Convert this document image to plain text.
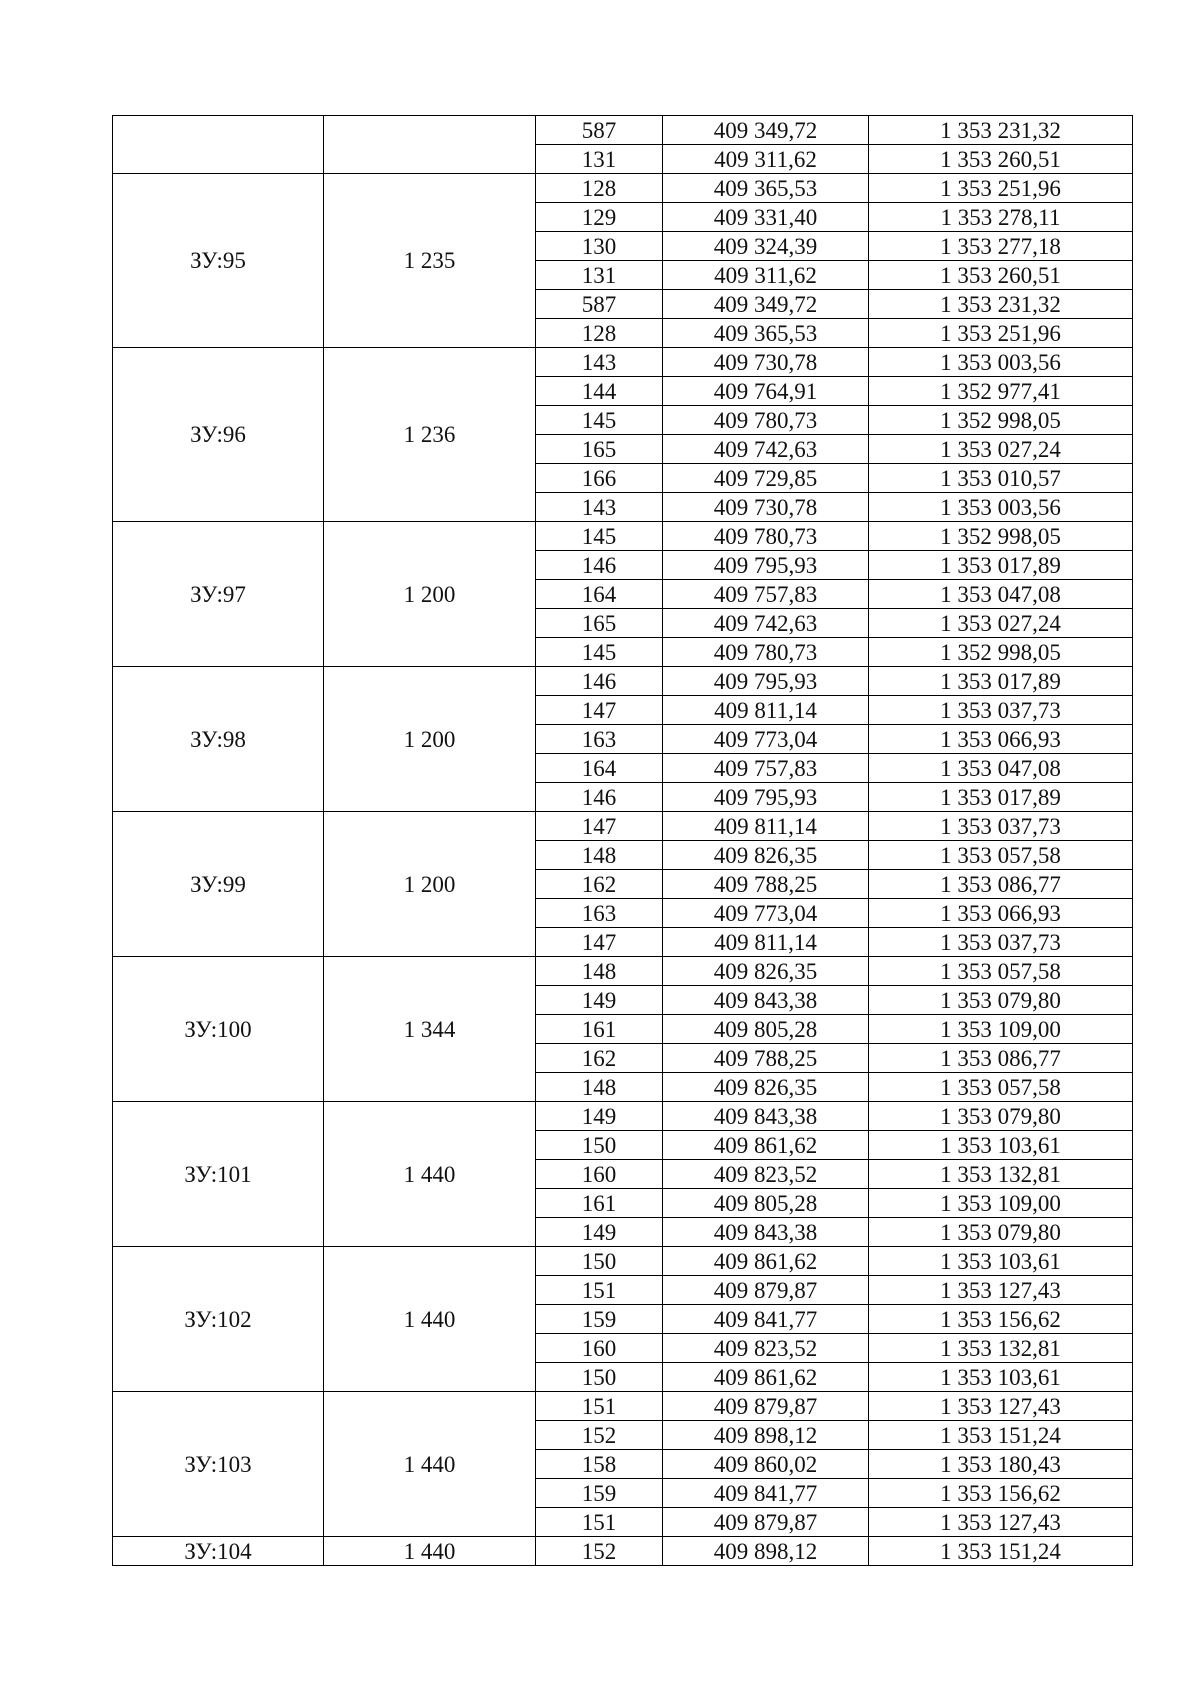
		587	409 349,72	1 353 231,32
		131	409 311,62	1 353 260,51
ЗУ:95	1 235	128	409 365,53	1 353 251,96
		129	409 331,40	1 353 278,11
		130	409 324,39	1 353 277,18
		131	409 311,62	1 353 260,51
		587	409 349,72	1 353 231,32
		128	409 365,53	1 353 251,96
ЗУ:96	1 236	143	409 730,78	1 353 003,56
		144	409 764,91	1 352 977,41
		145	409 780,73	1 352 998,05
		165	409 742,63	1 353 027,24
		166	409 729,85	1 353 010,57
		143	409 730,78	1 353 003,56
ЗУ:97	1 200	145	409 780,73	1 352 998,05
		146	409 795,93	1 353 017,89
		164	409 757,83	1 353 047,08
		165	409 742,63	1 353 027,24
		145	409 780,73	1 352 998,05
ЗУ:98	1 200	146	409 795,93	1 353 017,89
		147	409 811,14	1 353 037,73
		163	409 773,04	1 353 066,93
		164	409 757,83	1 353 047,08
		146	409 795,93	1 353 017,89
ЗУ:99	1 200	147	409 811,14	1 353 037,73
		148	409 826,35	1 353 057,58
		162	409 788,25	1 353 086,77
		163	409 773,04	1 353 066,93
		147	409 811,14	1 353 037,73
ЗУ:100	1 344	148	409 826,35	1 353 057,58
		149	409 843,38	1 353 079,80
		161	409 805,28	1 353 109,00
		162	409 788,25	1 353 086,77
		148	409 826,35	1 353 057,58
ЗУ:101	1 440	149	409 843,38	1 353 079,80
		150	409 861,62	1 353 103,61
		160	409 823,52	1 353 132,81
		161	409 805,28	1 353 109,00
		149	409 843,38	1 353 079,80
ЗУ:102	1 440	150	409 861,62	1 353 103,61
		151	409 879,87	1 353 127,43
		159	409 841,77	1 353 156,62
		160	409 823,52	1 353 132,81
		150	409 861,62	1 353 103,61
ЗУ:103	1 440	151	409 879,87	1 353 127,43
		152	409 898,12	1 353 151,24
		158	409 860,02	1 353 180,43
		159	409 841,77	1 353 156,62
		151	409 879,87	1 353 127,43
ЗУ:104	1 440	152	409 898,12	1 353 151,24
